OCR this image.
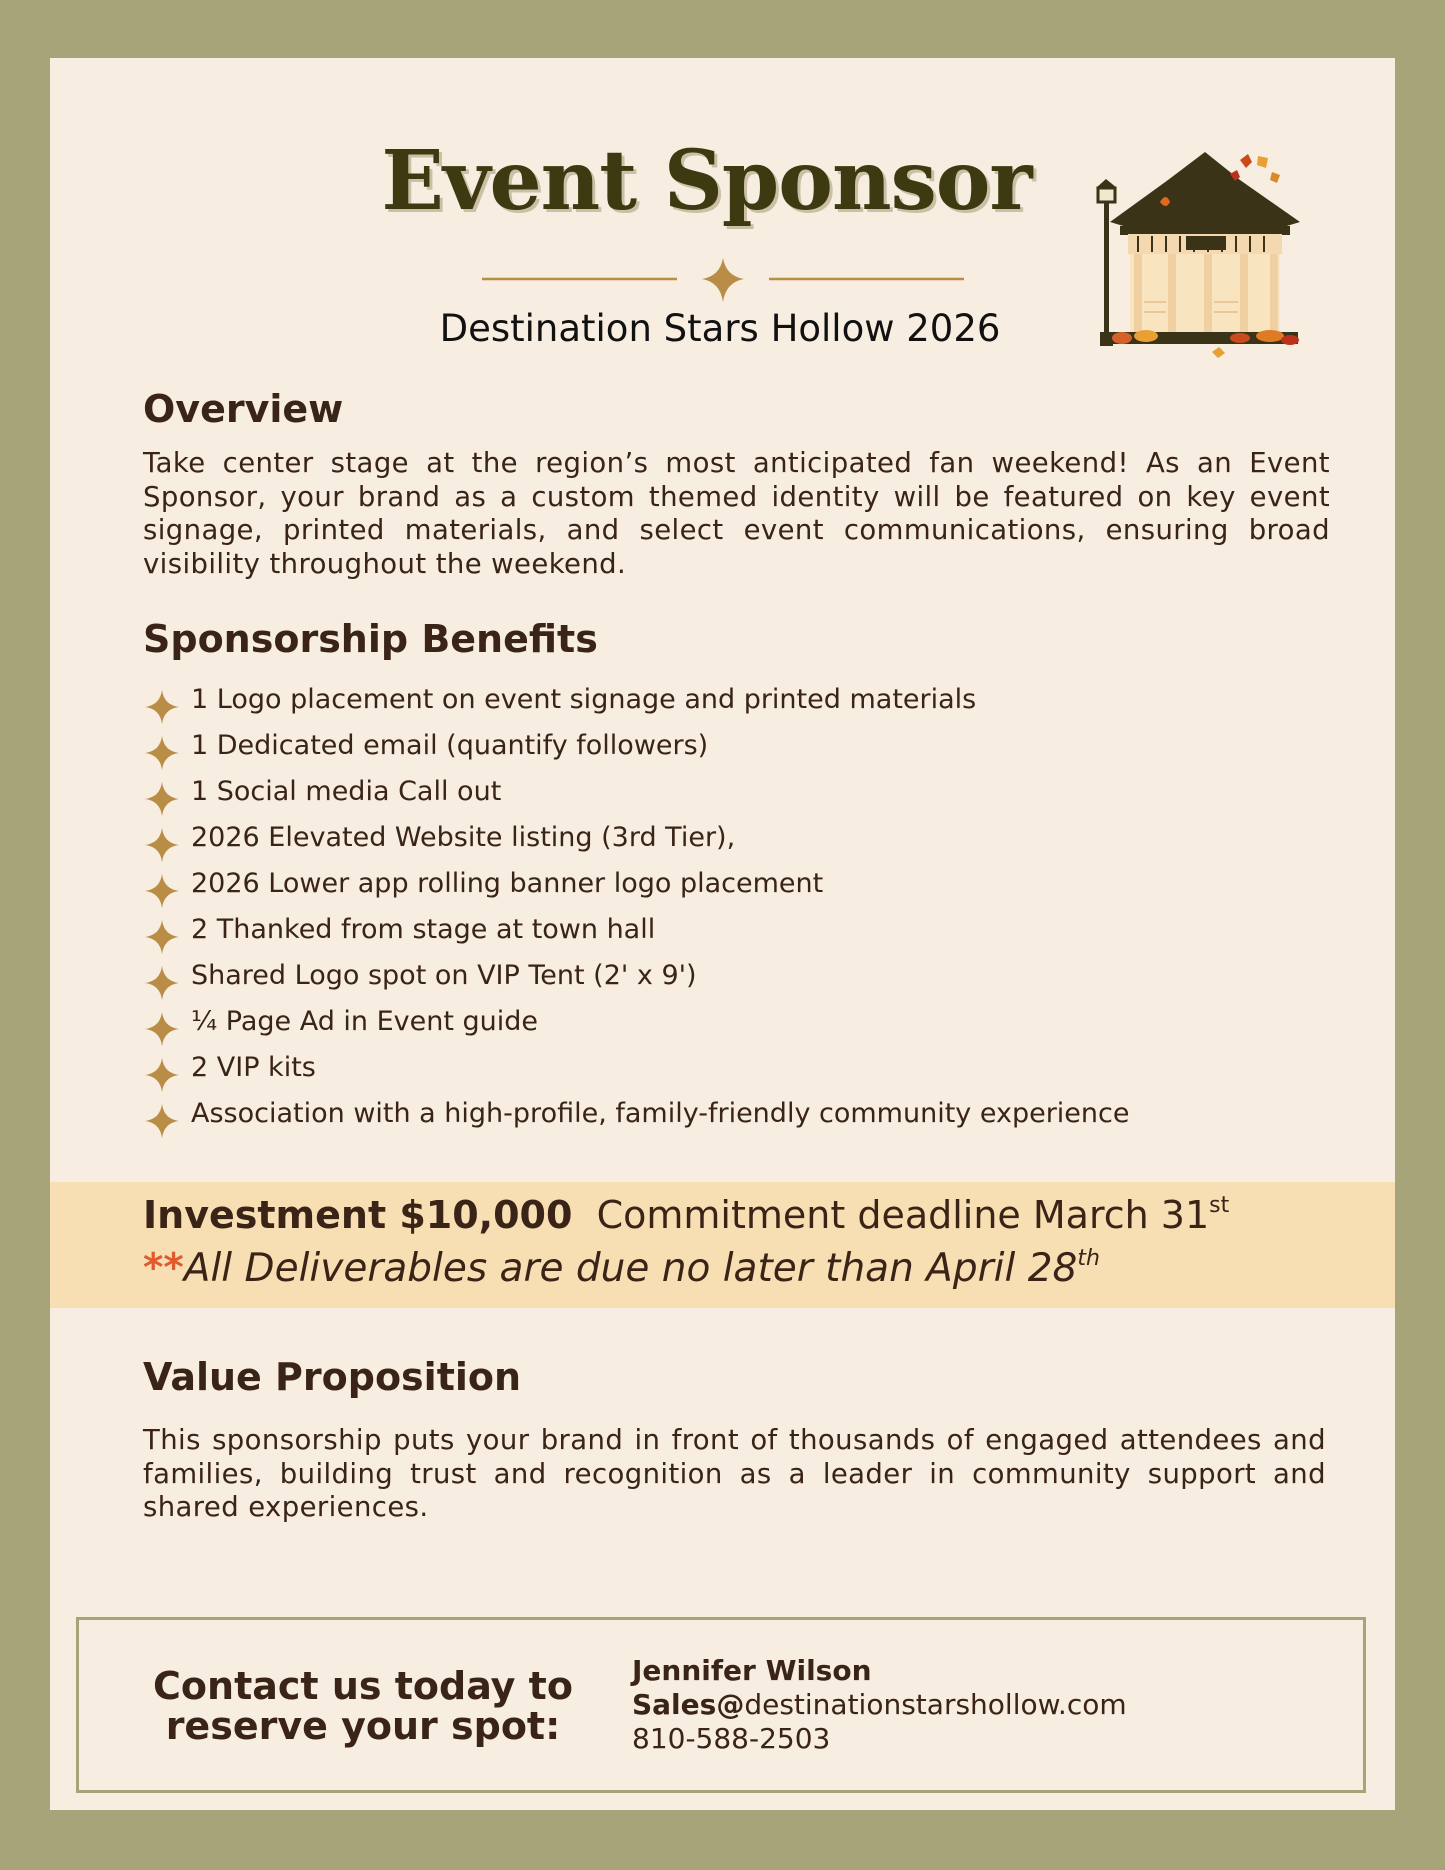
Event Sponsor
Destination Stars Hollow 2026
Overview

Take center stage at the region’s most anticipated fan weekend! As an Event Sponsor, your brand as a custom themed identity will be featured on key event signage, printed materials, and select event communications, ensuring broad visibility throughout the weekend.

Sponsorship Benefits
1 Logo placement on event signage and printed materials
1 Dedicated email (quantify followers)
1 Social media Call out
2026 Elevated Website listing (3rd Tier),
2026 Lower app rolling banner logo placement
2 Thanked from stage at town hall
Shared Logo spot on VIP Tent (2' x 9')
¼ Page Ad in Event guide
2 VIP kits
Association with a high-profile, family-friendly community experience
Investment $10,000 Commitment deadline March 31st
**All Deliverables are due no later than April 28th
Value Proposition

This sponsorship puts your brand in front of thousands of engaged attendees and families, building trust and recognition as a leader in community support and shared experiences.

Contact us today to
reserve your spot:
Jennifer Wilson
Sales@destinationstarshollow.com
810-588-2503
